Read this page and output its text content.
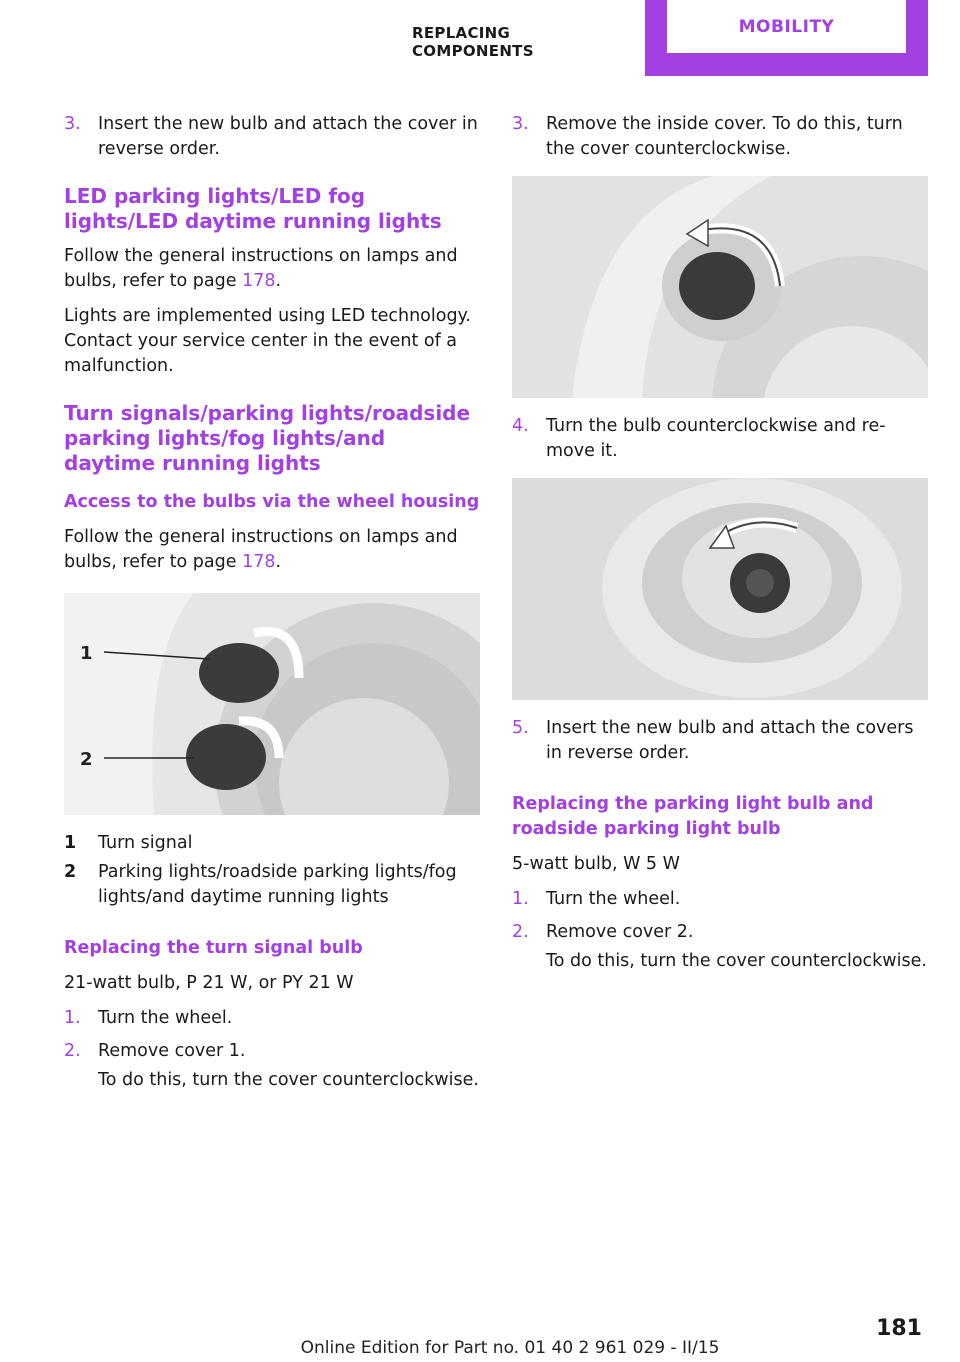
REPLACING COMPONENTS
MOBILITY
3. Insert the new bulb and attach the cover in reverse order.
LED parking lights/LED fog lights/LED daytime running lights

Follow the general instructions on lamps and bulbs, refer to page 178.

Lights are implemented using LED technology. Contact your service center in the event of a malfunction.

Turn signals/parking lights/roadside parking lights/fog lights/and daytime running lights
Access to the bulbs via the wheel housing

Follow the general instructions on lamps and bulbs, refer to page 178.

1
2
1	Turn signal
2	Parking lights/roadside parking lights/fog lights/and daytime running lights
Replacing the turn signal bulb

21-watt bulb, P 21 W, or PY 21 W

1. Turn the wheel.
2. Remove cover 1.
To do this, turn the cover counterclockwise.
3. Remove the inside cover. To do this, turn the cover counterclockwise.
4. Turn the bulb counterclockwise and re‐move it.
5. Insert the new bulb and attach the covers in reverse order.
Replacing the parking light bulb and roadside parking light bulb

5-watt bulb, W 5 W

1. Turn the wheel.
2. Remove cover 2.
To do this, turn the cover counterclockwise.
181
Online Edition for Part no. 01 40 2 961 029 - II/15
